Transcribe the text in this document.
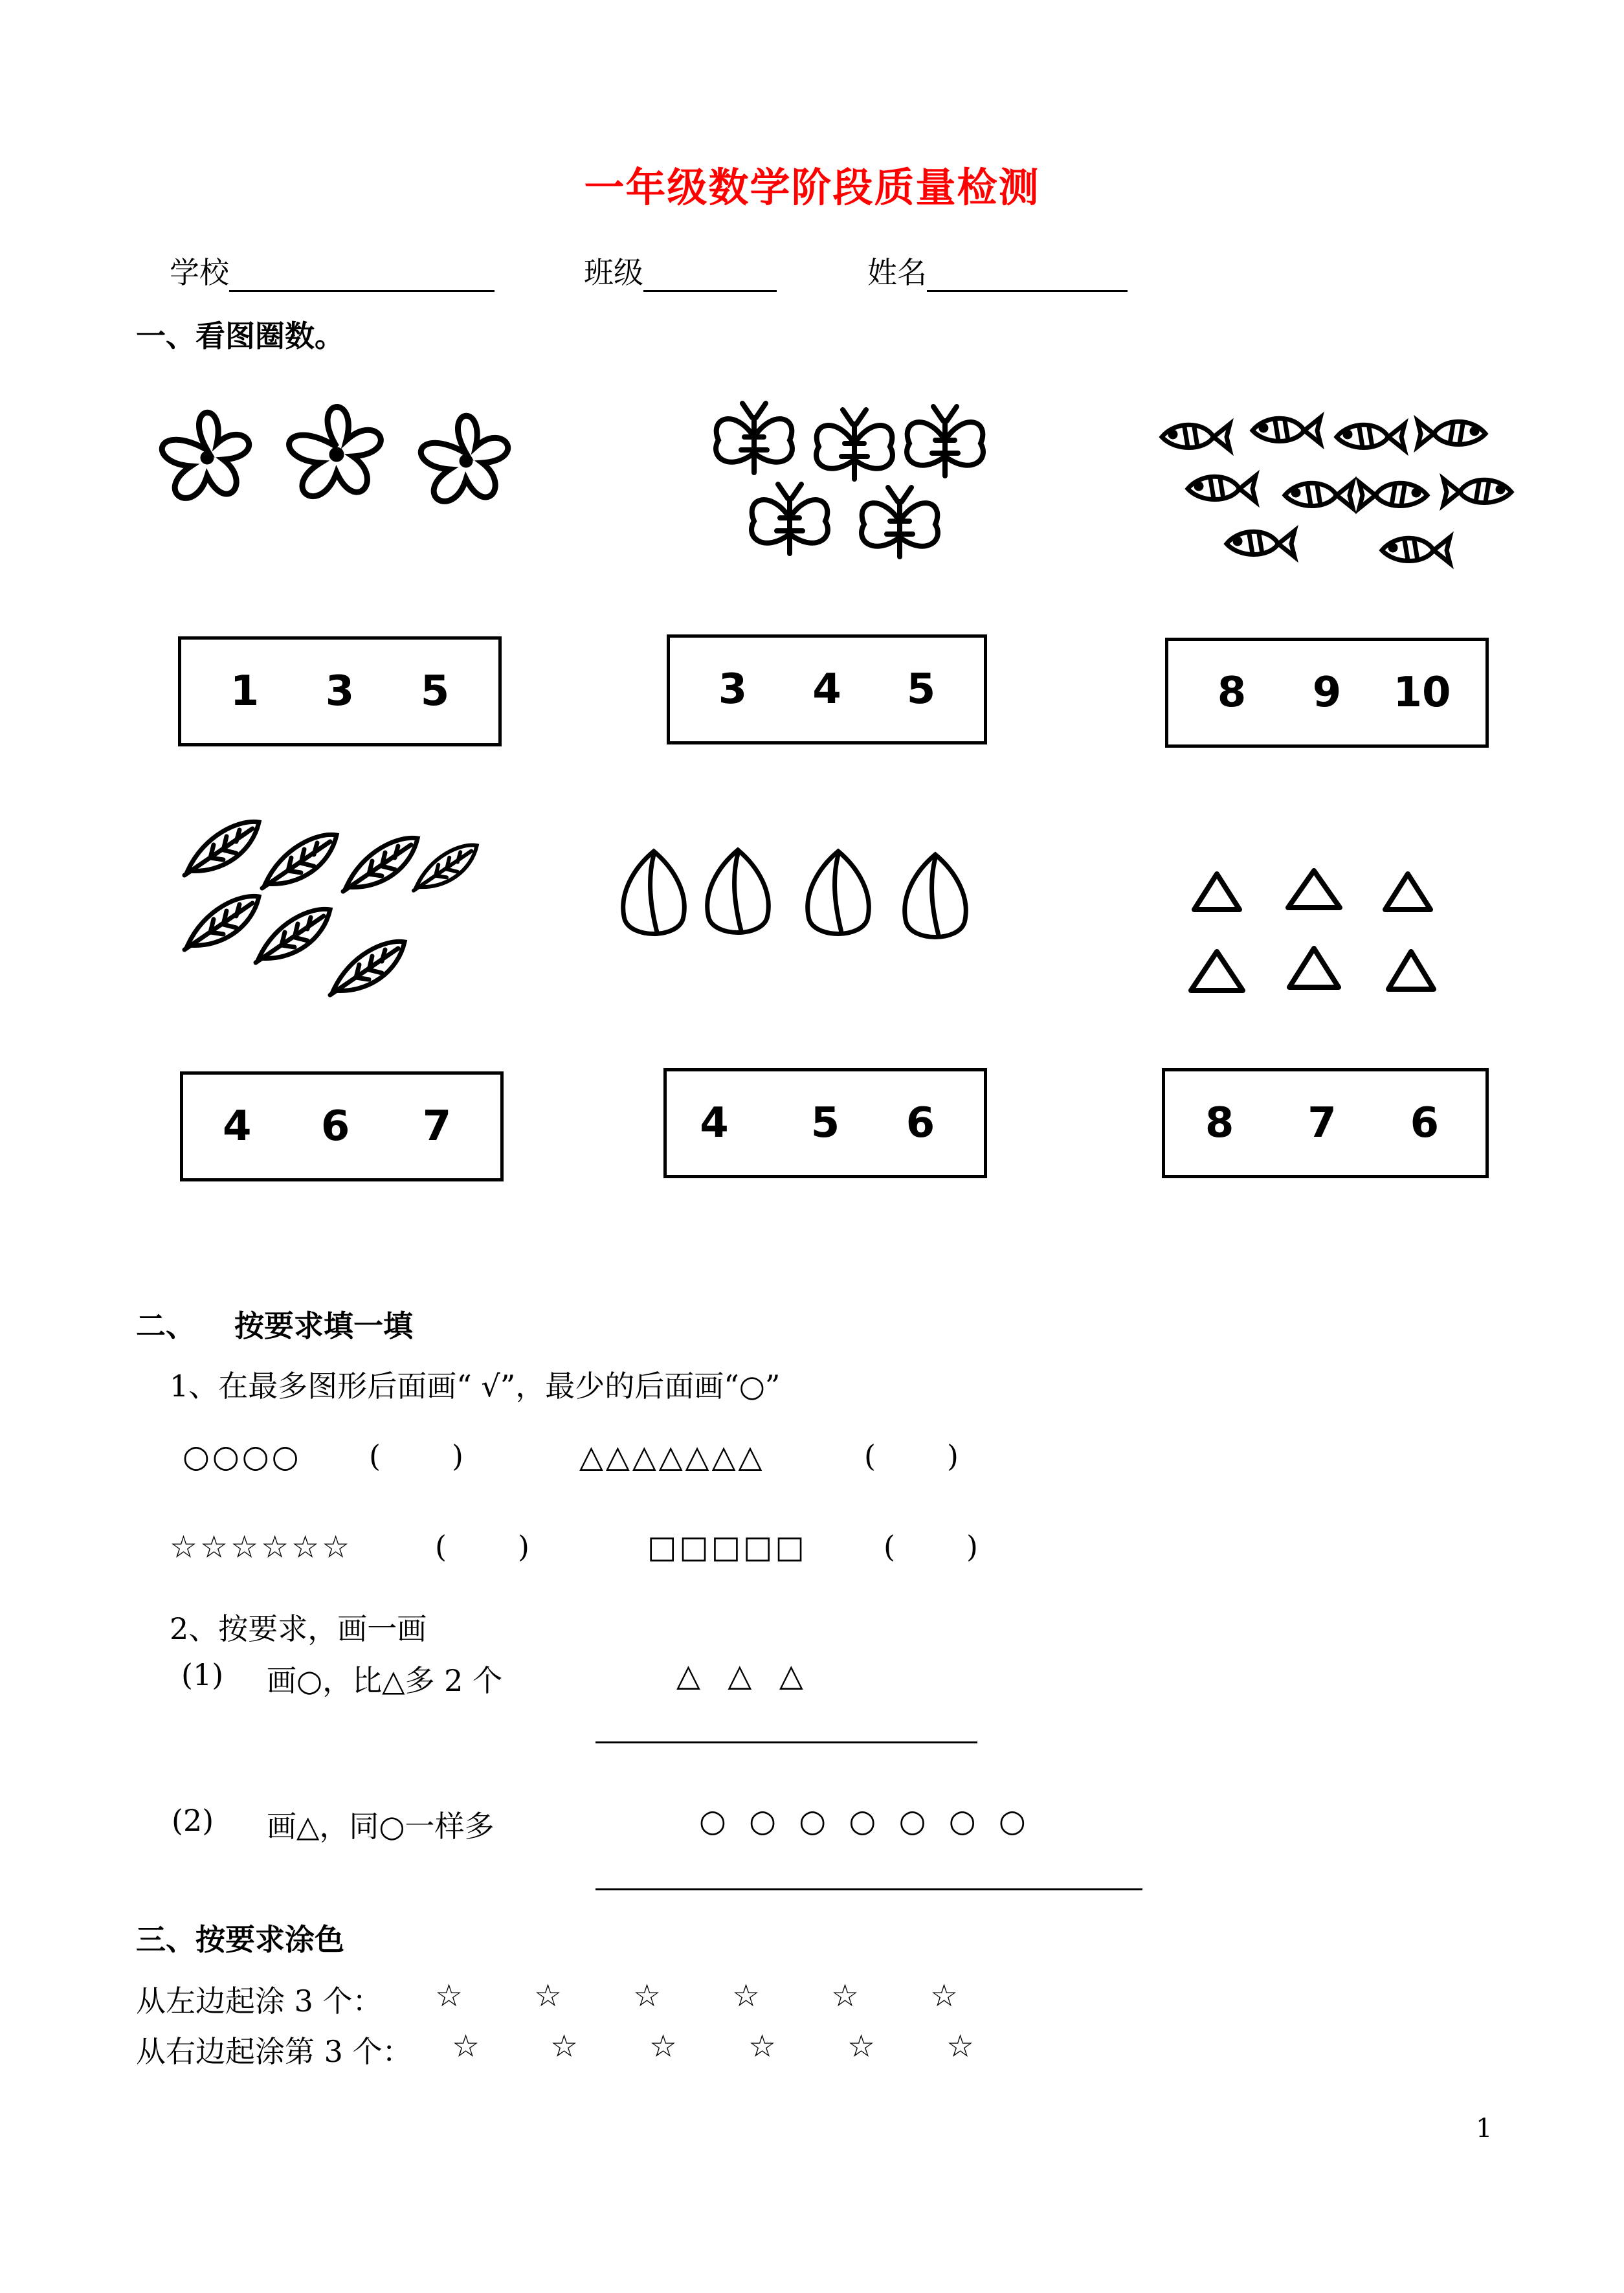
一年级数学阶段质量检测
学校	班级	姓名
一、看图圈数。
1 3 5	3 4 5	8 9 10
4 6 7	4 5 6	8 7 6
二、 按要求填一填
1、在最多图形后面画“ √”，最少的后面画“○”
○○○○ ( )	△△△△△△△	( )
☆☆☆☆☆☆	( )	□□□□□	( )
2、按要求，画一画
(1) 画○，比△多 2 个	△  △  △
(2) 画△，同○一样多	○ ○ ○ ○ ○ ○ ○
三、按要求涂色
从左边起涂 3 个： ☆ ☆ ☆ ☆ ☆ ☆
从右边起涂第 3 个： ☆ ☆ ☆ ☆ ☆ ☆
1
